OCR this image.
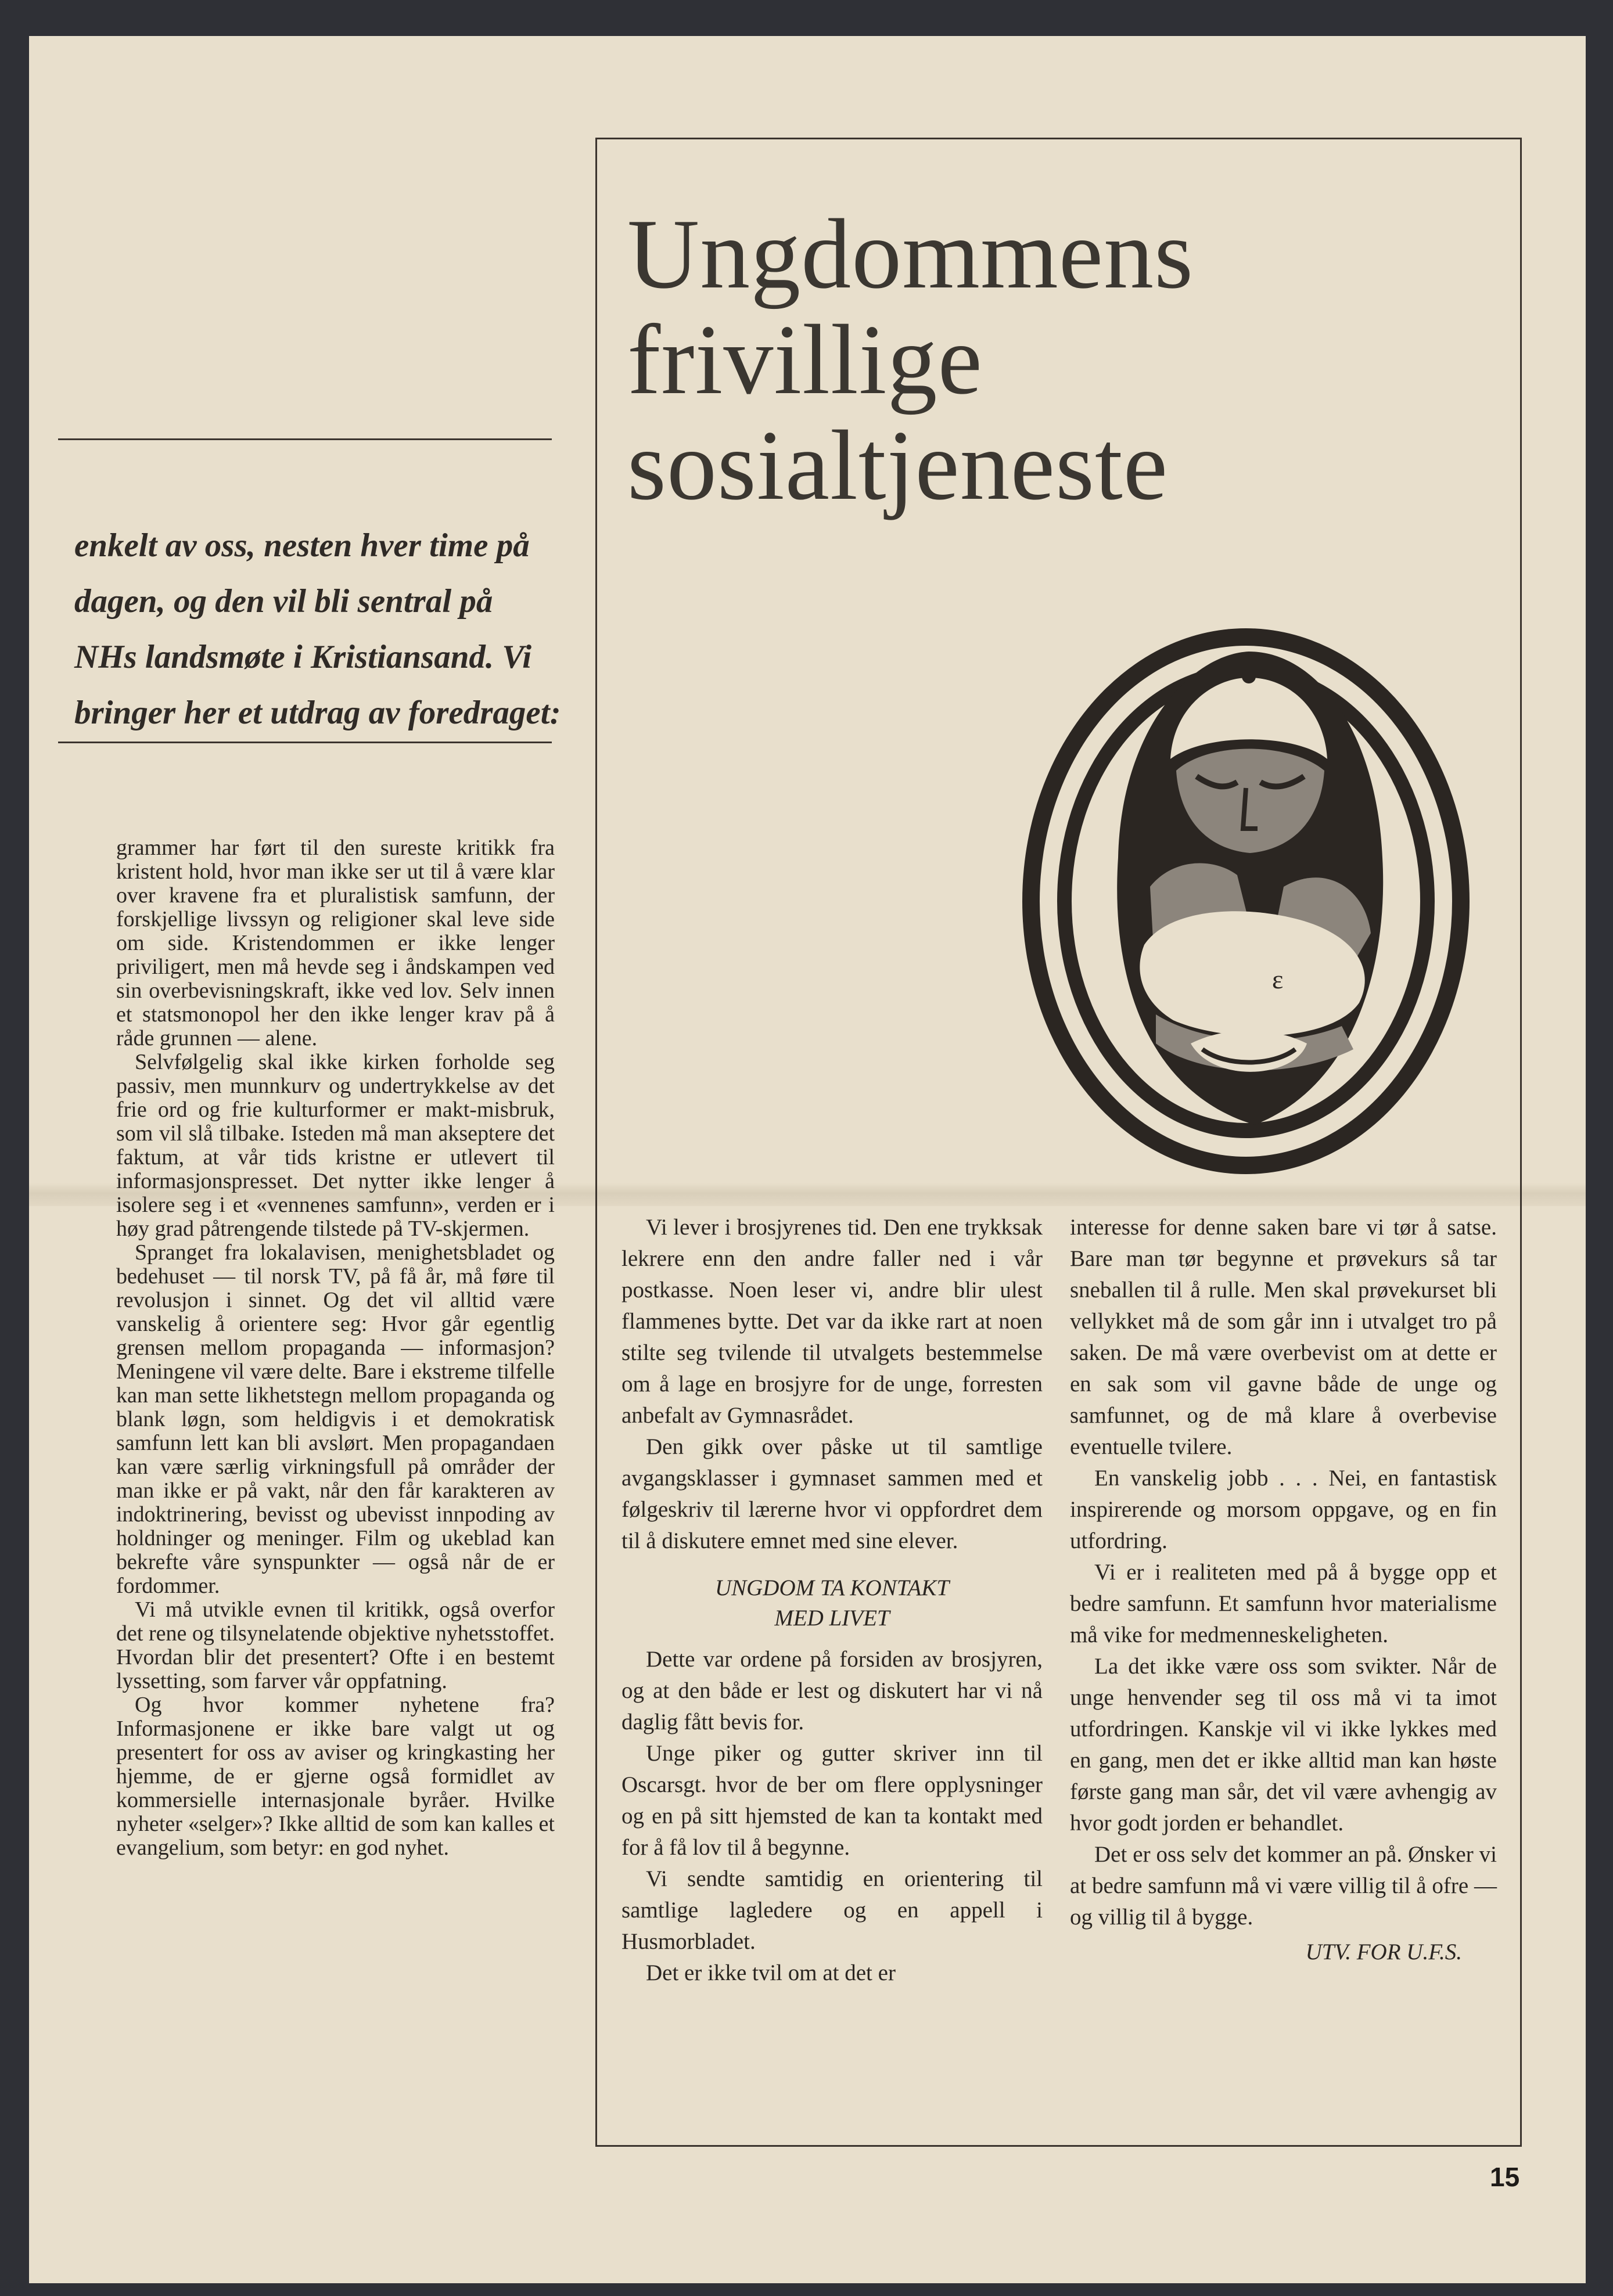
Ungdommens
frivillige
sosialtjeneste

enkelt av oss, nesten hver time på

dagen, og den vil bli sentral på

NHs landsmøte i Kristiansand. Vi

bringer her et utdrag av foredraget:

grammer har ført til den sureste kritikk fra kristent hold, hvor man ikke ser ut til å være klar over kravene fra et pluralistisk samfunn, der forskjellige livssyn og religioner skal leve side om side. Kristendommen er ikke lenger priviligert, men må hevde seg i åndskampen ved sin overbevisningskraft, ikke ved lov. Selv innen et statsmonopol her den ikke lenger krav på å råde grunnen — alene.

Selvfølgelig skal ikke kirken forholde seg passiv, men munnkurv og undertrykkelse av det frie ord og frie kulturformer er makt-misbruk, som vil slå tilbake. Isteden må man akseptere det faktum, at vår tids kristne er utlevert til informasjonspresset. Det nytter ikke lenger å isolere seg i et «vennenes samfunn», verden er i høy grad påtrengende tilstede på TV-skjermen.

Spranget fra lokalavisen, menighetsbladet og bedehuset — til norsk TV, på få år, må føre til revolusjon i sinnet. Og det vil alltid være vanskelig å orientere seg: Hvor går egentlig grensen mellom propaganda — informasjon? Meningene vil være delte. Bare i ekstreme tilfelle kan man sette likhetstegn mellom propaganda og blank løgn, som heldigvis i et demokratisk samfunn lett kan bli avslørt. Men propagandaen kan være særlig virkningsfull på områder der man ikke er på vakt, når den får karakteren av indoktrinering, bevisst og ubevisst innpoding av holdninger og meninger. Film og ukeblad kan bekrefte våre synspunkter — også når de er fordommer.

Vi må utvikle evnen til kritikk, også overfor det rene og tilsynelatende objektive nyhetsstoffet. Hvordan blir det presentert? Ofte i en bestemt lyssetting, som farver vår oppfatning.

Og hvor kommer nyhetene fra? Informasjonene er ikke bare valgt ut og presentert for oss av aviser og kringkasting her hjemme, de er gjerne også formidlet av kommersielle internasjonale byråer. Hvilke nyheter «selger»? Ikke alltid de som kan kalles et evangelium, som betyr: en god nyhet.

ɛ

Vi lever i brosjyrenes tid. Den ene trykksak lekrere enn den andre faller ned i vår postkasse. Noen leser vi, andre blir ulest flammenes bytte. Det var da ikke rart at noen stilte seg tvilende til utvalgets bestemmelse om å lage en brosjyre for de unge, forresten anbefalt av Gymnasrådet.

Den gikk over påske ut til samtlige avgangsklasser i gymnaset sammen med et følgeskriv til lærerne hvor vi oppfordret dem til å diskutere emnet med sine elever.

UNGDOM TA KONTAKT
MED LIVET

Dette var ordene på forsiden av brosjyren, og at den både er lest og diskutert har vi nå daglig fått bevis for.

Unge piker og gutter skriver inn til Oscarsgt. hvor de ber om flere opplysninger og en på sitt hjemsted de kan ta kontakt med for å få lov til å begynne.

Vi sendte samtidig en orientering til samtlige lagledere og en appell i Husmorbladet.

Det er ikke tvil om at det er

interesse for denne saken bare vi tør å satse. Bare man tør begynne et prøvekurs så tar sneballen til å rulle. Men skal prøvekurset bli vellykket må de som går inn i utvalget tro på saken. De må være overbevist om at dette er en sak som vil gavne både de unge og samfunnet, og de må klare å overbevise eventuelle tvilere.

En vanskelig jobb . . . Nei, en fantastisk inspirerende og morsom oppgave, og en fin utfordring.

Vi er i realiteten med på å bygge opp et bedre samfunn. Et samfunn hvor materialisme må vike for medmenneskeligheten.

La det ikke være oss som svikter. Når de unge henvender seg til oss må vi ta imot utfordringen. Kanskje vil vi ikke lykkes med en gang, men det er ikke alltid man kan høste første gang man sår, det vil være avhengig av hvor godt jorden er behandlet.

Det er oss selv det kommer an på. Ønsker vi at bedre samfunn må vi være villig til å ofre — og villig til å bygge.

UTV. FOR U.F.S.
15
